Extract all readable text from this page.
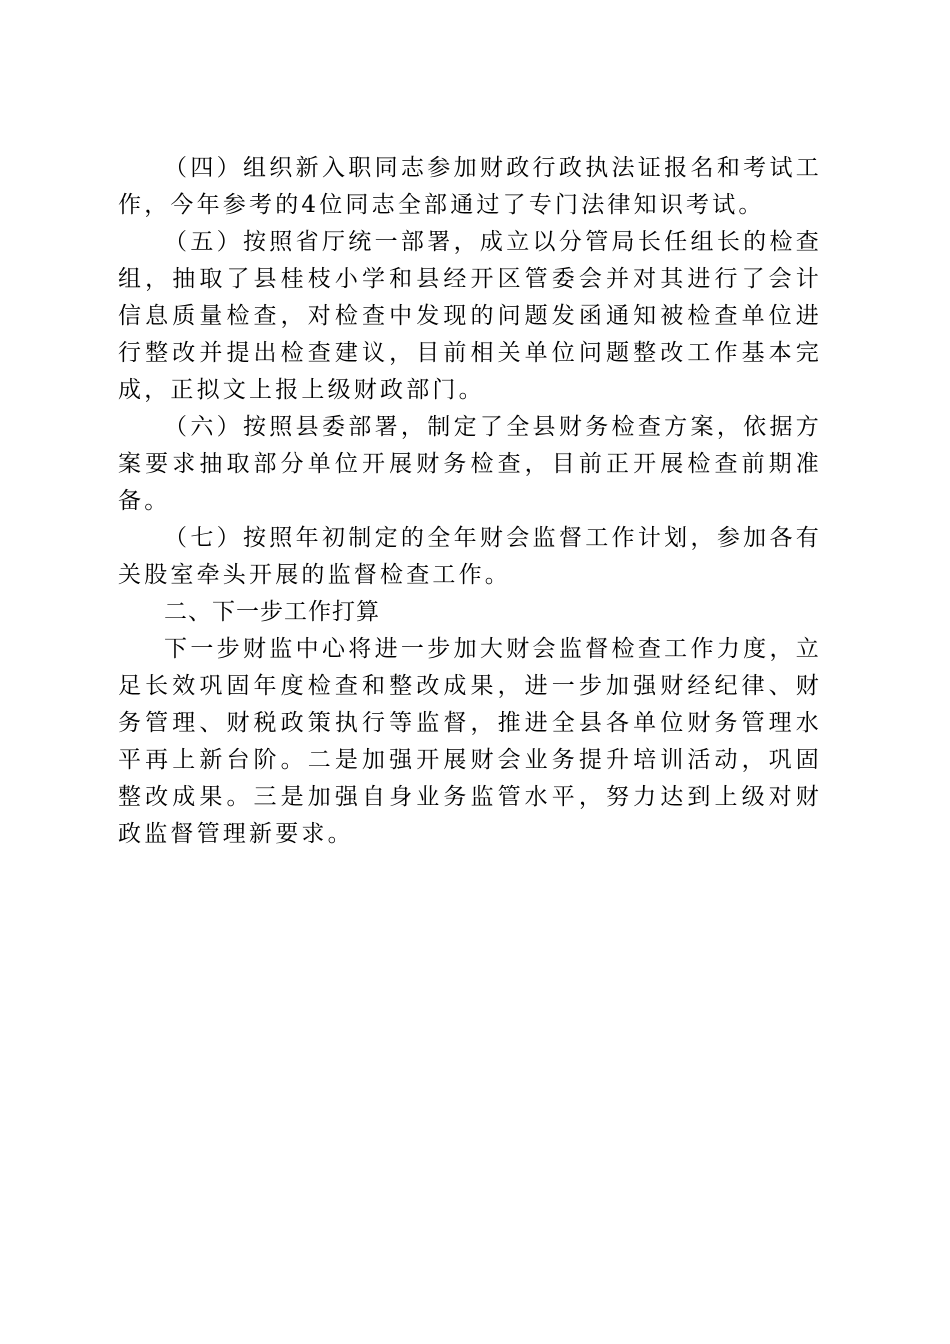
（四）组织新入职同志参加财政行政执法证报名和考试工作，今年参考的4位同志全部通过了专门法律知识考试。

（五）按照省厅统一部署，成立以分管局长任组长的检查组，抽取了县桂枝小学和县经开区管委会并对其进行了会计信息质量检查，对检查中发现的问题发函通知被检查单位进行整改并提出检查建议，目前相关单位问题整改工作基本完成，正拟文上报上级财政部门。

（六）按照县委部署，制定了全县财务检查方案，依据方案要求抽取部分单位开展财务检查，目前正开展检查前期准备。

（七）按照年初制定的全年财会监督工作计划，参加各有关股室牵头开展的监督检查工作。

二、下一步工作打算

下一步财监中心将进一步加大财会监督检查工作力度，立足长效巩固年度检查和整改成果，进一步加强财经纪律、财务管理、财税政策执行等监督，推进全县各单位财务管理水平再上新台阶。二是加强开展财会业务提升培训活动，巩固整改成果。三是加强自身业务监管水平，努力达到上级对财政监督管理新要求。
